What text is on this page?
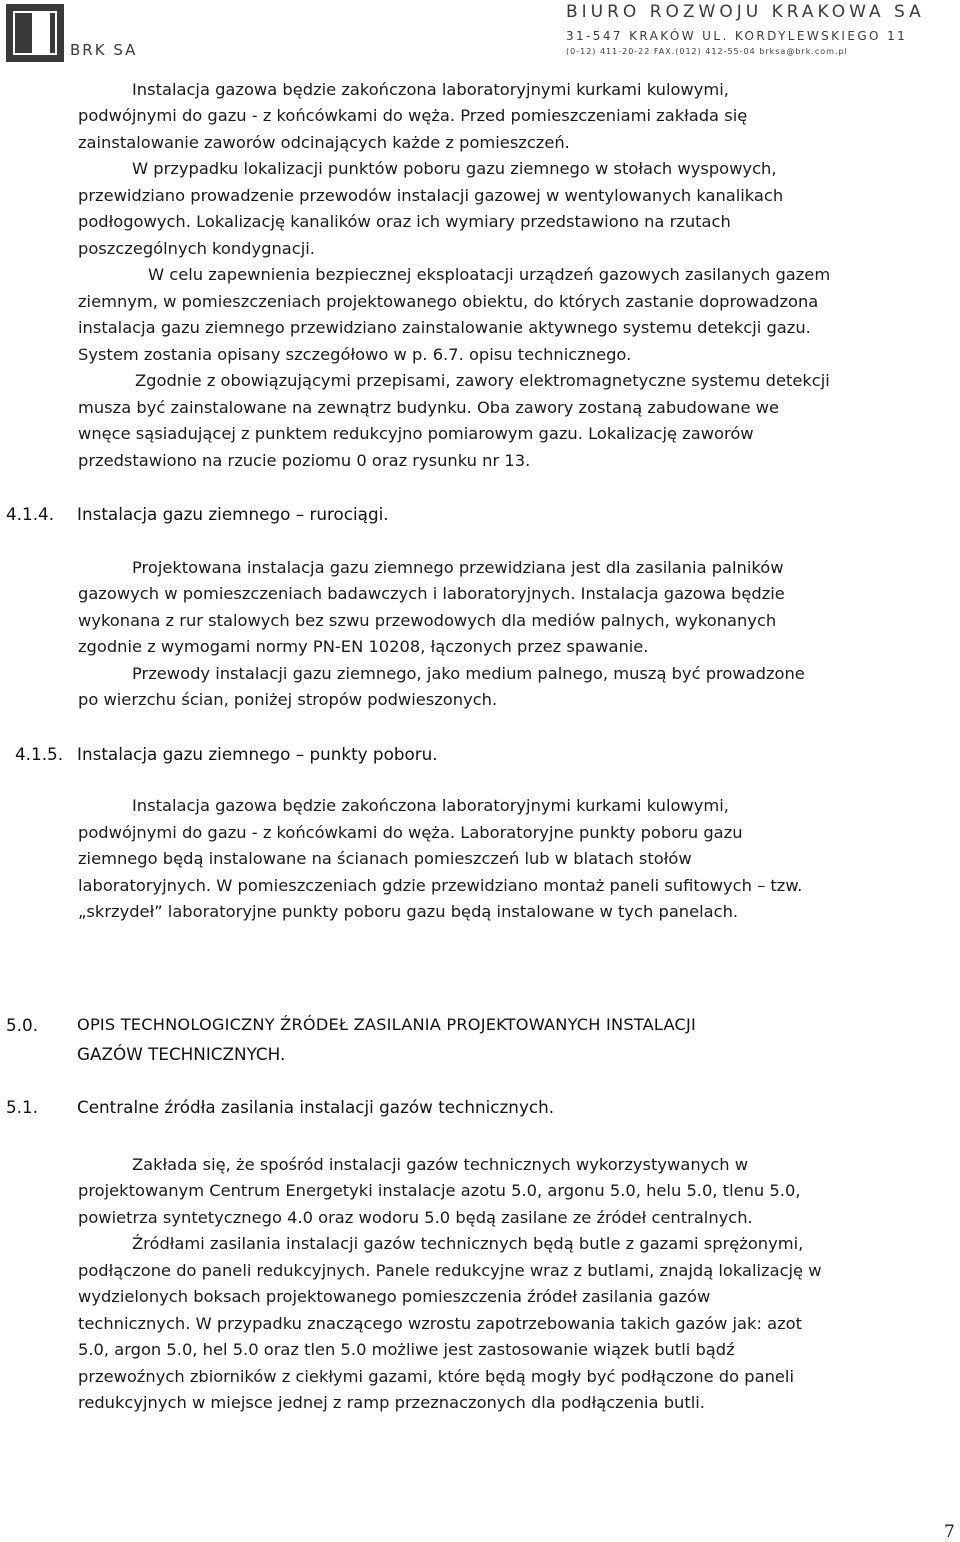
BRK SA
BIURO ROZWOJU KRAKOWA SA
31-547 KRAKÓW UL. KORDYLEWSKIEGO 11
(0-12) 411-20-22 FAX.(012) 412-55-04 brksa@brk.com.pl
Instalacja gazowa będzie zakończona laboratoryjnymi kurkami kulowymi,
podwójnymi do gazu - z końcówkami do węża. Przed pomieszczeniami zakłada się
zainstalowanie zaworów odcinających każde z pomieszczeń.
W przypadku lokalizacji punktów poboru gazu ziemnego w stołach wyspowych,
przewidziano prowadzenie przewodów instalacji gazowej w wentylowanych kanalikach
podłogowych. Lokalizację kanalików oraz ich wymiary przedstawiono na rzutach
poszczególnych kondygnacji.
W celu zapewnienia bezpiecznej eksploatacji urządzeń gazowych zasilanych gazem
ziemnym, w pomieszczeniach projektowanego obiektu, do których zastanie doprowadzona
instalacja gazu ziemnego przewidziano zainstalowanie aktywnego systemu detekcji gazu.
System zostania opisany szczegółowo w p. 6.7. opisu technicznego.
Zgodnie z obowiązującymi przepisami, zawory elektromagnetyczne systemu detekcji
musza być zainstalowane na zewnątrz budynku. Oba zawory zostaną zabudowane we
wnęce sąsiadującej z punktem redukcyjno pomiarowym gazu. Lokalizację zaworów
przedstawiono na rzucie poziomu 0 oraz rysunku nr 13.
4.1.4. Instalacja gazu ziemnego – rurociągi.
Projektowana instalacja gazu ziemnego przewidziana jest dla zasilania palników
gazowych w pomieszczeniach badawczych i laboratoryjnych. Instalacja gazowa będzie
wykonana z rur stalowych bez szwu przewodowych dla mediów palnych, wykonanych
zgodnie z wymogami normy PN-EN 10208, łączonych przez spawanie.
Przewody instalacji gazu ziemnego, jako medium palnego, muszą być prowadzone
po wierzchu ścian, poniżej stropów podwieszonych.
4.1.5. Instalacja gazu ziemnego – punkty poboru.
Instalacja gazowa będzie zakończona laboratoryjnymi kurkami kulowymi,
podwójnymi do gazu - z końcówkami do węża. Laboratoryjne punkty poboru gazu
ziemnego będą instalowane na ścianach pomieszczeń lub w blatach stołów
laboratoryjnych. W pomieszczeniach gdzie przewidziano montaż paneli sufitowych – tzw.
„skrzydeł” laboratoryjne punkty poboru gazu będą instalowane w tych panelach.
5.0. OPIS TECHNOLOGICZNY ŹRÓDEŁ ZASILANIA PROJEKTOWANYCH INSTALACJI
GAZÓW TECHNICZNYCH.
5.1. Centralne źródła zasilania instalacji gazów technicznych.
Zakłada się, że spośród instalacji gazów technicznych wykorzystywanych w
projektowanym Centrum Energetyki instalacje azotu 5.0, argonu 5.0, helu 5.0, tlenu 5.0,
powietrza syntetycznego 4.0 oraz wodoru 5.0 będą zasilane ze źródeł centralnych.
Źródłami zasilania instalacji gazów technicznych będą butle z gazami sprężonymi,
podłączone do paneli redukcyjnych. Panele redukcyjne wraz z butlami, znajdą lokalizację w
wydzielonych boksach projektowanego pomieszczenia źródeł zasilania gazów
technicznych. W przypadku znaczącego wzrostu zapotrzebowania takich gazów jak: azot
5.0, argon 5.0, hel 5.0 oraz tlen 5.0 możliwe jest zastosowanie wiązek butli bądź
przewoźnych zbiorników z ciekłymi gazami, które będą mogły być podłączone do paneli
redukcyjnych w miejsce jednej z ramp przeznaczonych dla podłączenia butli.
7
